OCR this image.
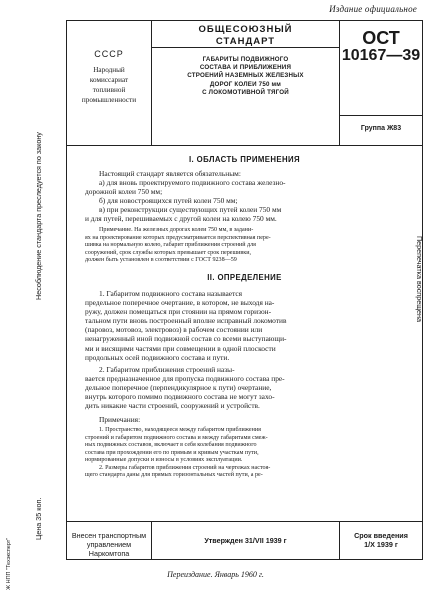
Издание официальное
Несоблюдение стандарта преследуется по закону
Цена 35 коп.
Ж НПП "Техэксперт"
Перепечатка воспрещена
СССР
Народный
комиссариат
топливной
промышленности
ОБЩЕСОЮЗНЫЙ
СТАНДАРТ
ГАБАРИТЫ ПОДВИЖНОГО
СОСТАВА И ПРИБЛИЖЕНИЯ
СТРОЕНИЙ НАЗЕМНЫХ ЖЕЛЕЗНЫХ
ДОРОГ КОЛЕИ 750 мм
С ЛОКОМОТИВНОЙ ТЯГОЙ
ОСТ
10167—39
Группа Ж83
I. ОБЛАСТЬ ПРИМЕНЕНИЯ
Настоящий стандарт является обязательным:
а) для вновь проектируемого подвижного состава железно-
дорожной колеи 750 мм;
б) для новостроящихся путей колеи 750 мм;
в) при реконструкции существующих путей колеи 750 мм
и для путей, перешиваемых с другой колеи на колею 750 мм.
Примечание. На железных дорогах колеи 750 мм, в задани-
ях на проектирование которых предусматривается перспективная пере-
шивка на нормальную колею, габарит приближения строений для
сооружений, срок службы которых превышает срок перешивки,
должен быть установлен в соответствии с ГОСТ 9238—59
II. ОПРЕДЕЛЕНИЕ
1. Габаритом подвижного состава называется
предельное поперечное очертание, в котором, не выходя на-
ружу, должен помещаться при стоянии на прямом горизон-
тальном пути вновь построенный вполне исправный локомотив
(паровоз, мотовоз, электровоз) в рабочем состоянии или
ненагруженный иной подвижной состав со всеми выступающи-
ми и висящими частями при совмещении в одной плоскости
продольных осей подвижного состава и пути.
2. Габаритом приближения строений назы-
вается предназначенное для пропуска подвижного состава пре-
дельное поперечное (перпендикулярное к пути) очертание,
внутрь которого помимо подвижного состава не могут захо-
дить никакие части строений, сооружений и устройств.
Примечания:
1. Пространство, находящееся между габаритом приближения
строений и габаритом подвижного состава и между габаритами смеж-
ных подвижных составов, включает в себя колебания подвижного
состава при прохождении его по прямым и кривым участкам пути,
нормированные допуски и износы в условиях эксплуатации.
2. Размеры габаритов приближения строений на чертежах настоя-
щего стандарта даны для прямых горизонтальных частей пути, а ре-
Внесен транспортным
управлением Наркомтопа
Утвержден 31/VII 1939 г
Срок введения
1/X 1939 г
Переиздание. Январь 1960 г.
